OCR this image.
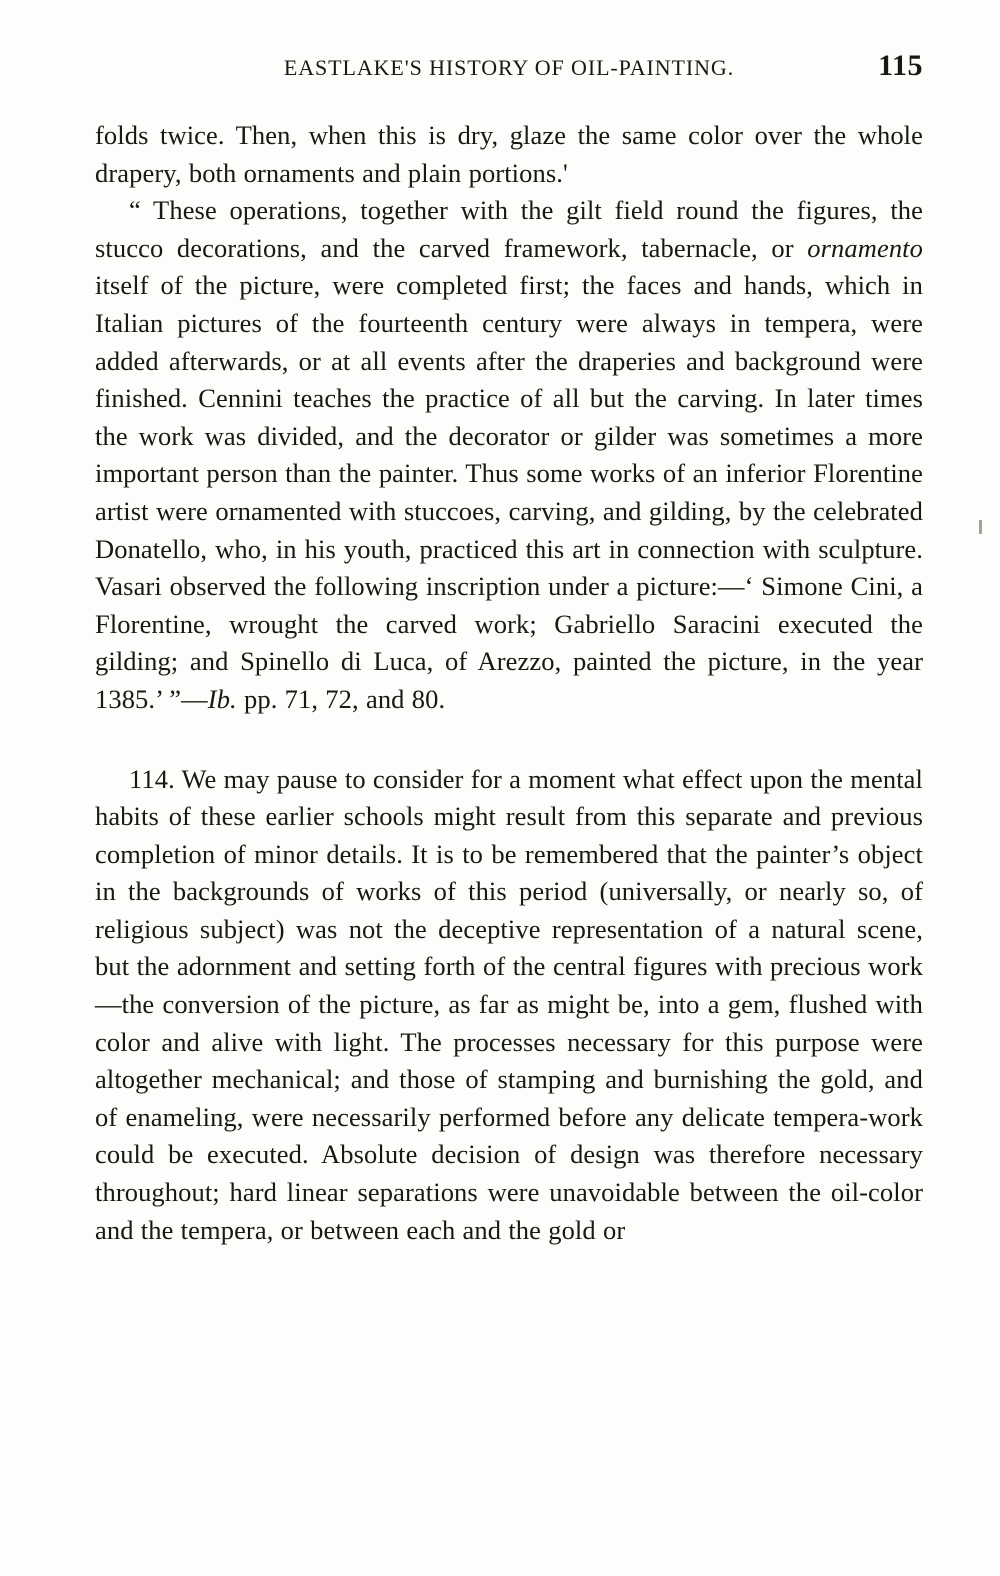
EASTLAKE'S HISTORY OF OIL-PAINTING.	115

folds twice. Then, when this is dry, glaze the same color over the whole drapery, both ornaments and plain portions.'

“ These operations, together with the gilt field round the figures, the stucco decorations, and the carved framework, tabernacle, or ornamento itself of the picture, were completed first; the faces and hands, which in Italian pictures of the fourteenth century were always in tempera, were added afterwards, or at all events after the draperies and background were finished. Cennini teaches the practice of all but the carving. In later times the work was divided, and the decorator or gilder was sometimes a more important person than the painter. Thus some works of an inferior Florentine artist were ornamented with stuccoes, carving, and gilding, by the celebrated Donatello, who, in his youth, practiced this art in connection with sculpture. Vasari observed the following inscription under a picture:—‘ Simone Cini, a Florentine, wrought the carved work; Gabriello Saracini executed the gilding; and Spinello di Luca, of Arezzo, painted the picture, in the year 1385.’ ”—Ib. pp. 71, 72, and 80.

114. We may pause to consider for a moment what effect upon the mental habits of these earlier schools might result from this separate and previous completion of minor details. It is to be remembered that the painter’s object in the backgrounds of works of this period (universally, or nearly so, of religious subject) was not the deceptive representation of a natural scene, but the adornment and setting forth of the central figures with precious work—the conversion of the picture, as far as might be, into a gem, flushed with color and alive with light. The processes necessary for this purpose were altogether mechanical; and those of stamping and burnishing the gold, and of enameling, were necessarily performed before any delicate tempera-work could be executed. Absolute decision of design was therefore necessary throughout; hard linear separations were unavoidable between the oil-color and the tempera, or between each and the gold or
